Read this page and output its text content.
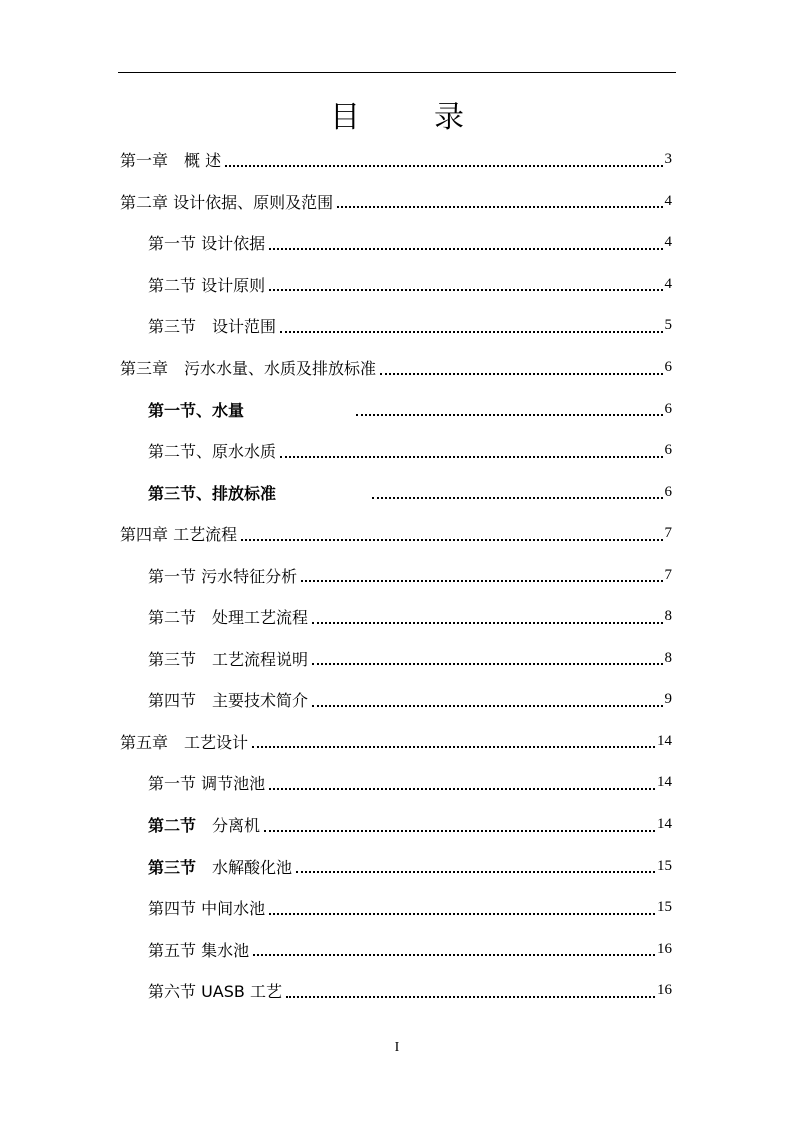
目　录
第一章　概 述	3
第二章 设计依据、原则及范围	4
第一节 设计依据	4
第二节 设计原则	4
第三节　设计范围	5
第三章　污水水量、水质及排放标准	6
第一节、水量	6
第二节、原水水质	6
第三节、排放标准	6
第四章 工艺流程	7
第一节 污水特征分析	7
第二节　处理工艺流程	8
第三节　工艺流程说明	8
第四节　主要技术简介	9
第五章　工艺设计	14
第一节 调节池池	14
第二节　分离机	14
第三节　水解酸化池	15
第四节 中间水池	15
第五节 集水池	16
第六节 UASB 工艺	16
I
